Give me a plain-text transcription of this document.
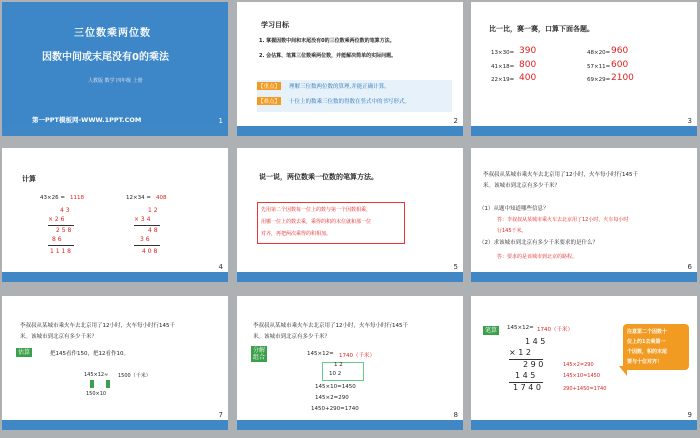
三位数乘两位数
因数中间或末尾没有0的乘法
人教版 数学 四年级 上册
第一PPT模板网-WWW.1PPT.COM	1
学习目标
1. 掌握因数中间和末尾没有0的三位数乘两位数的笔算方法。
2. 会估算、笔算三位数乘两位数，并能解决简单的实际问题。
【重点】 理解三位数两位数的算理,并能正确计算。
【难点】 十位上的数乘三位数的得数在竖式中的书写形式。
2
比一比，赛一赛，口算下面各题。
13×30= 390	48×20= 960
41×18= 800	57×11= 600
22×19= 400	69×29= 2100
3
计算
43×26 = 1118
4 3
× 2 6
2 5 8
8 6
1 1 1 8
12×34 = 408
1 2
× 3 4
4 8
3 6
4 0 8
4
说一说，两位数乘一位数的笔算方法。
先用第二个因数每一位上的数与第一个因数相乘，
用哪一位上的数去乘，乘得的积的末位就和那一位
对齐，再把两次乘得的积相加。
5
李叔叔从某城市乘火车去北京用了12小时，火车每小时行145千
米。该城市到北京有多少千米？
（1）从题中知道哪些信息？
答：李叔叔从某城市乘火车去北京用了12小时，火车每小时
行145千米。
（2）求该城市到北京有多少千米要求的是什么？
答：要求的是该城市到北京的路程。
6
李叔叔从某城市乘火车去北京用了12小时，火车每小时行145千
米。该城市到北京有多少千米？
估算	把145看作150，把12看作10。
145×12≈ 1500（千米）
150×10
7
李叔叔从某城市乘火车去北京用了12小时，火车每小时行145千
米。该城市到北京有多少千米？
分解
组合	145×12= 1740（千米）
1 2
10 2
145×10=1450
145×2=290
1450+290=1740
8
笔算	145×12= 1740（千米）
1 4 5
× 1 2
2 9 0
1 4 5
1 7 4 0
145×2=290
145×10=1450
290+1450=1740
注意第二个因数十
位上的1去乘第一
个因数，积的末尾
要与十位对齐！
9
